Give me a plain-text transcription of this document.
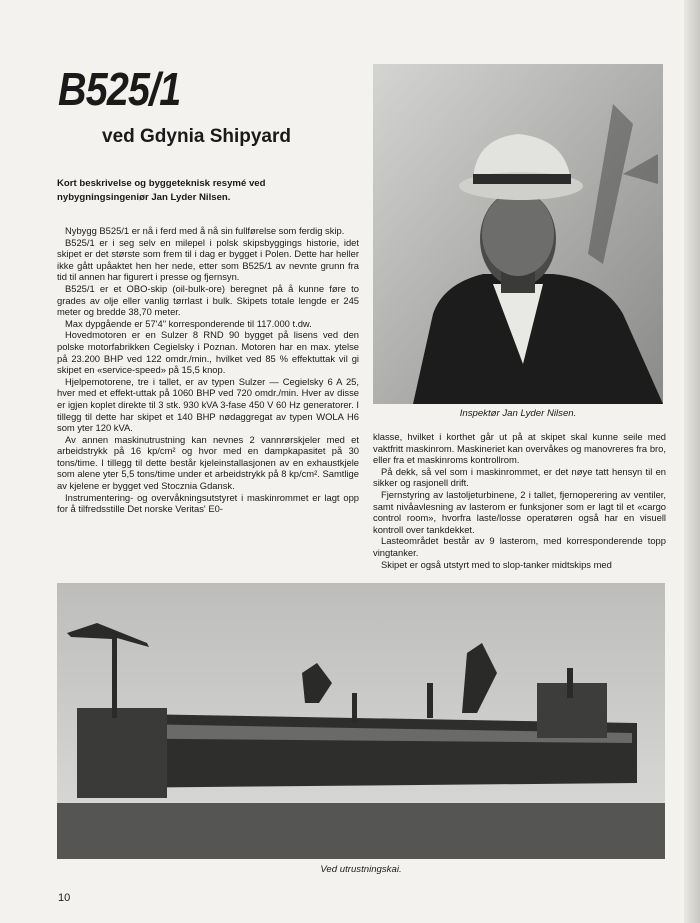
B525/1
ved Gdynia Shipyard
Kort beskrivelse og byggeteknisk resymé ved nybygningsingeniør Jan Lyder Nilsen.

Nybygg B525/1 er nå i ferd med å nå sin fullførelse som ferdig skip.

B525/1 er i seg selv en milepel i polsk skipsbyggings historie, idet skipet er det største som frem til i dag er bygget i Polen. Dette har heller ikke gått upåaktet hen her nede, etter som B525/1 av nevnte grunn fra tid til annen har figurert i presse og fjernsyn.

B525/1 er et OBO-skip (oil-bulk-ore) beregnet på å kunne føre to grades av olje eller vanlig tørrlast i bulk. Skipets totale lengde er 245 meter og bredde 38,70 meter.

Max dypgående er 57'4" korresponderende til 117.000 t.dw.

Hovedmotoren er en Sulzer 8 RND 90 bygget på lisens ved den polske motorfabrikken Cegielsky i Poznan. Motoren har en max. ytelse på 23.200 BHP ved 122 omdr./min., hvilket ved 85 % effektuttak vil gi skipet en «service-speed» på 15,5 knop.

Hjelpemotorene, tre i tallet, er av typen Sulzer — Cegielsky 6 A 25, hver med et effekt-uttak på 1060 BHP ved 720 omdr./min. Hver av disse er igjen koplet direkte til 3 stk. 930 kVA 3-fase 450 V 60 Hz generatorer. I tillegg til dette har skipet et 140 BHP nødaggregat av typen WOLA H6 som yter 120 kVA.

Av annen maskinutrustning kan nevnes 2 vannrørskjeler med et arbeidstrykk på 16 kp/cm² og hvor med en dampkapasitet på 30 tons/time. I tillegg til dette består kjeleinstallasjonen av en exhaustkjele som alene yter 5,5 tons/time under et arbeidstrykk på 8 kp/cm². Samtlige av kjelene er bygget ved Stocznia Gdansk.

Instrumentering- og overvåkningsutstyret i maskinrommet er lagt opp for å tilfredsstille Det norske Veritas' E0-

Inspektør Jan Lyder Nilsen.

klasse, hvilket i korthet går ut på at skipet skal kunne seile med vaktfritt maskinrom. Maskineriet kan overvåkes og manovreres fra bro, eller fra et maskinroms kontrollrom.

På dekk, så vel som i maskinrommet, er det nøye tatt hensyn til en sikker og rasjonell drift.

Fjernstyring av lastoljeturbinene, 2 i tallet, fjernoperering av ventiler, samt nivåavlesning av lasterom er funksjoner som er lagt til et «cargo control room», hvorfra laste/losse operatøren også har en visuell kontroll over tankdekket.

Lasteområdet består av 9 lasterom, med korresponderende topp vingtanker.

Skipet er også utstyrt med to slop-tanker midtskips med

Ved utrustningskai.
10
